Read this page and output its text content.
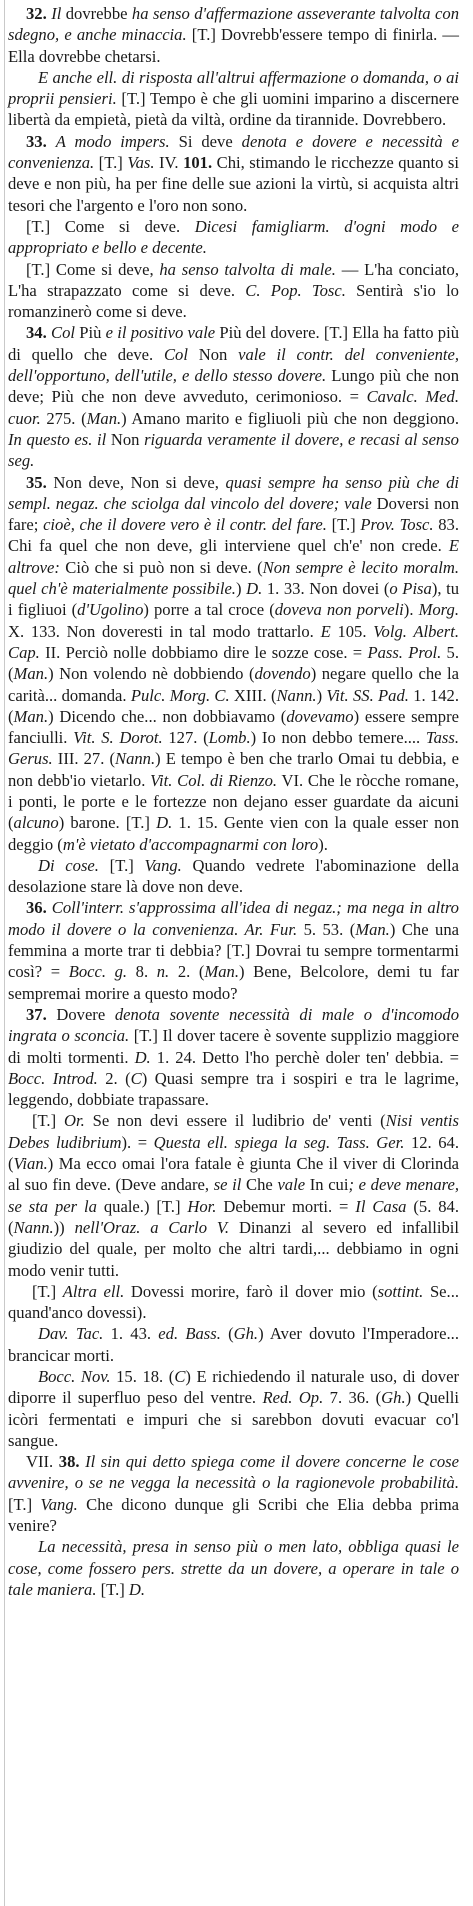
32. Il dovrebbe ha senso d'affermazione asseverante talvolta con sdegno, e anche minaccia. [T.] Dovrebb'essere tempo di finirla. — Ella dovrebbe chetarsi.

E anche ell. di risposta all'altrui affermazione o domanda, o ai proprii pensieri. [T.] Tempo è che gli uomini imparino a discernere libertà da empietà, pietà da viltà, ordine da tirannide. Dovrebbero.

33. A modo impers. Si deve denota e dovere e necessità e convenienza. [T.] Vas. IV. 101. Chi, stimando le ricchezze quanto si deve e non più, ha per fine delle sue azioni la virtù, si acquista altri tesori che l'argento e l'oro non sono.

[T.] Come si deve. Dicesi famigliarm. d'ogni modo e appropriato e bello e decente.

[T.] Come si deve, ha senso talvolta di male. — L'ha conciato, L'ha strapazzato come si deve. C. Pop. Tosc. Sentirà s'io lo romanzinerò come si deve.

34. Col Più e il positivo vale Più del dovere. [T.] Ella ha fatto più di quello che deve. Col Non vale il contr. del conveniente, dell'opportuno, dell'utile, e dello stesso dovere. Lungo più che non deve; Più che non deve avveduto, cerimonioso. = Cavalc. Med. cuor. 275. (Man.) Amano marito e figliuoli più che non deggiono. In questo es. il Non riguarda veramente il dovere, e recasi al senso seg.

35. Non deve, Non si deve, quasi sempre ha senso più che di sempl. negaz. che sciolga dal vincolo del dovere; vale Doversi non fare; cioè, che il dovere vero è il contr. del fare. [T.] Prov. Tosc. 83. Chi fa quel che non deve, gli interviene quel ch'e' non crede. E altrove: Ciò che si può non si deve. (Non sempre è lecito moralm. quel ch'è materialmente possibile.) D. 1. 33. Non dovei (o Pisa), tu i figliuoi (d'Ugolino) porre a tal croce (doveva non porveli). Morg. X. 133. Non doveresti in tal modo trattarlo. E 105. Volg. Albert. Cap. II. Perciò nolle dobbiamo dire le sozze cose. = Pass. Prol. 5. (Man.) Non volendo nè dobbiendo (dovendo) negare quello che la carità... domanda. Pulc. Morg. C. XIII. (Nann.) Vit. SS. Pad. 1. 142. (Man.) Dicendo che... non dobbiavamo (dovevamo) essere sempre fanciulli. Vit. S. Dorot. 127. (Lomb.) Io non debbo temere.... Tass. Gerus. III. 27. (Nann.) E tempo è ben che trarlo Omai tu debbia, e non debb'io vietarlo. Vit. Col. di Rienzo. VI. Che le ròcche romane, i ponti, le porte e le fortezze non dejano esser guardate da aicuni (alcuno) barone. [T.] D. 1. 15. Gente vien con la quale esser non deggio (m'è vietato d'accompagnarmi con loro).

Di cose. [T.] Vang. Quando vedrete l'abominazione della desolazione stare là dove non deve.

36. Coll'interr. s'approssima all'idea di negaz.; ma nega in altro modo il dovere o la convenienza. Ar. Fur. 5. 53. (Man.) Che una femmina a morte trar ti debbia? [T.] Dovrai tu sempre tormentarmi così? = Bocc. g. 8. n. 2. (Man.) Bene, Belcolore, demi tu far sempremai morire a questo modo?

37. Dovere denota sovente necessità di male o d'incomodo ingrata o sconcia. [T.] Il dover tacere è sovente supplizio maggiore di molti tormenti. D. 1. 24. Detto l'ho perchè doler ten' debbia. = Bocc. Introd. 2. (C) Quasi sempre tra i sospiri e tra le lagrime, leggendo, dobbiate trapassare.

[T.] Or. Se non devi essere il ludibrio de' venti (Nisi ventis Debes ludibrium). = Questa ell. spiega la seg. Tass. Ger. 12. 64. (Vian.) Ma ecco omai l'ora fatale è giunta Che il viver di Clorinda al suo fin deve. (Deve andare, se il Che vale In cui; e deve menare, se sta per la quale.) [T.] Hor. Debemur morti. = Il Casa (5. 84. (Nann.)) nell'Oraz. a Carlo V. Dinanzi al severo ed infallibil giudizio del quale, per molto che altri tardi,... debbiamo in ogni modo venir tutti.

[T.] Altra ell. Dovessi morire, farò il dover mio (sottint. Se... quand'anco dovessi).

Dav. Tac. 1. 43. ed. Bass. (Gh.) Aver dovuto l'Imperadore... brancicar morti.

Bocc. Nov. 15. 18. (C) E richiedendo il naturale uso, di dover diporre il superfluo peso del ventre. Red. Op. 7. 36. (Gh.) Quelli icòri fermentati e impuri che si sarebbon dovuti evacuar co'l sangue.

VII. 38. Il sin qui detto spiega come il dovere concerne le cose avvenire, o se ne vegga la necessità o la ragionevole probabilità. [T.] Vang. Che dicono dunque gli Scribi che Elia debba prima venire?

La necessità, presa in senso più o men lato, obbliga quasi le cose, come fossero pers. strette da un dovere, a operare in tale o tale maniera. [T.] D.
